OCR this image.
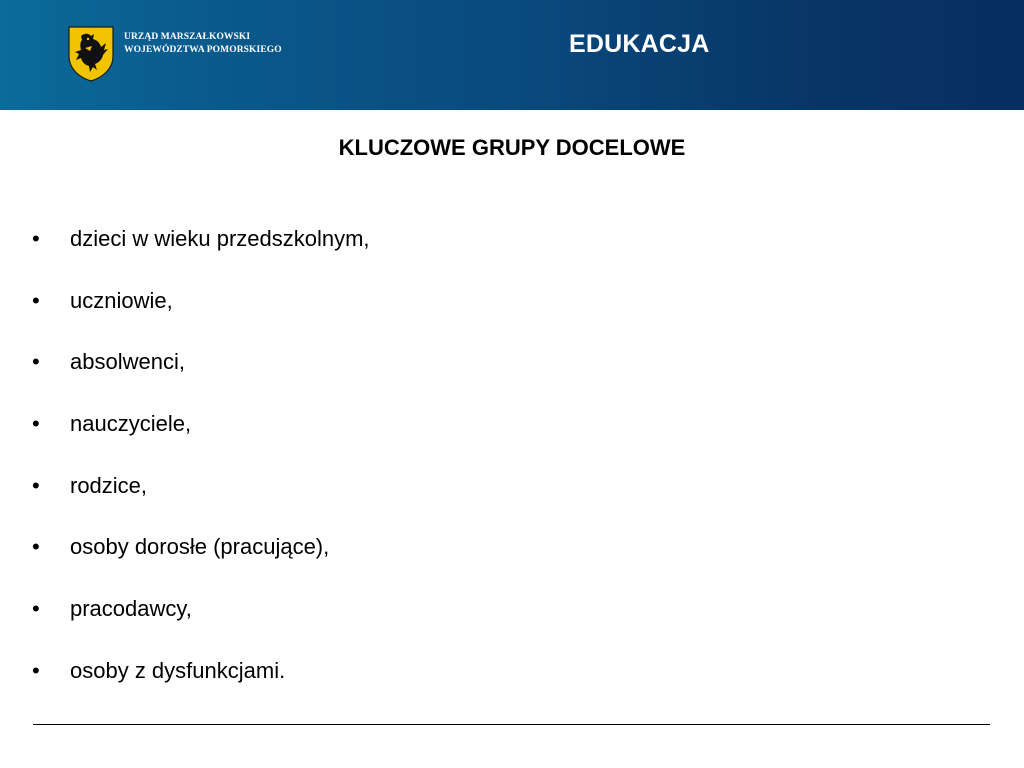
URZĄD MARSZAŁKOWSKI
WOJEWÓDZTWA POMORSKIEGO	EDUKACJA
KLUCZOWE GRUPY DOCELOWE
• dzieci w wieku przedszkolnym,
• uczniowie,
• absolwenci,
• nauczyciele,
• rodzice,
• osoby dorosłe (pracujące),
• pracodawcy,
• osoby z dysfunkcjami.
